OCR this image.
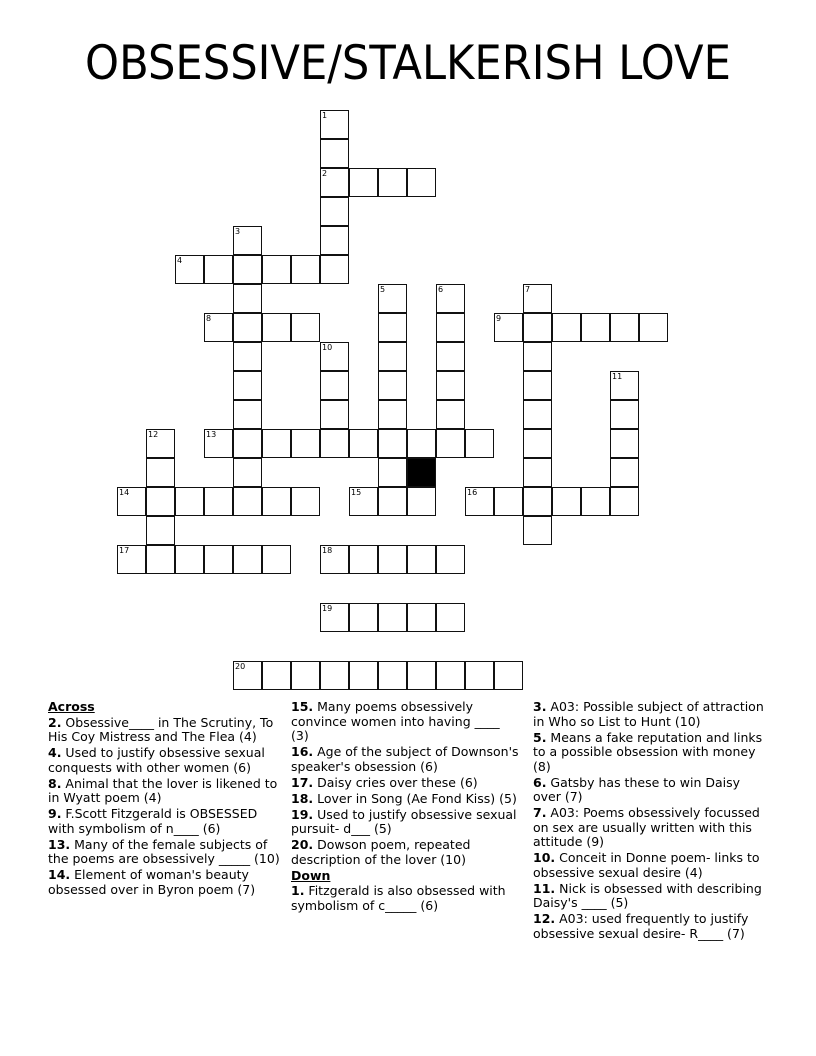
OBSESSIVE/STALKERISH LOVE
1
2
3
4
5	6	7
8	9
10
11
12	13
14	15	16
17	18
19
20
Across
2. Obsessive____ in The Scrutiny, To His Coy Mistress and The Flea (4)
4. Used to justify obsessive sexual conquests with other women (6)
8. Animal that the lover is likened to in Wyatt poem (4)
9. F.Scott Fitzgerald is OBSESSED with symbolism of n____ (6)
13. Many of the female subjects of the poems are obsessively _____ (10)
14. Element of woman's beauty obsessed over in Byron poem (7)
15. Many poems obsessively convince women into having ____ (3)
16. Age of the subject of Downson's speaker's obsession (6)
17. Daisy cries over these (6)
18. Lover in Song (Ae Fond Kiss) (5)
19. Used to justify obsessive sexual pursuit- d___ (5)
20. Dowson poem, repeated description of the lover (10)
Down
1. Fitzgerald is also obsessed with symbolism of c_____ (6)
3. A03: Possible subject of attraction in Who so List to Hunt (10)
5. Means a fake reputation and links to a possible obsession with money (8)
6. Gatsby has these to win Daisy over (7)
7. A03: Poems obsessively focussed on sex are usually written with this attitude (9)
10. Conceit in Donne poem- links to obsessive sexual desire (4)
11. Nick is obsessed with describing Daisy's ____ (5)
12. A03: used frequently to justify obsessive sexual desire- R____ (7)
